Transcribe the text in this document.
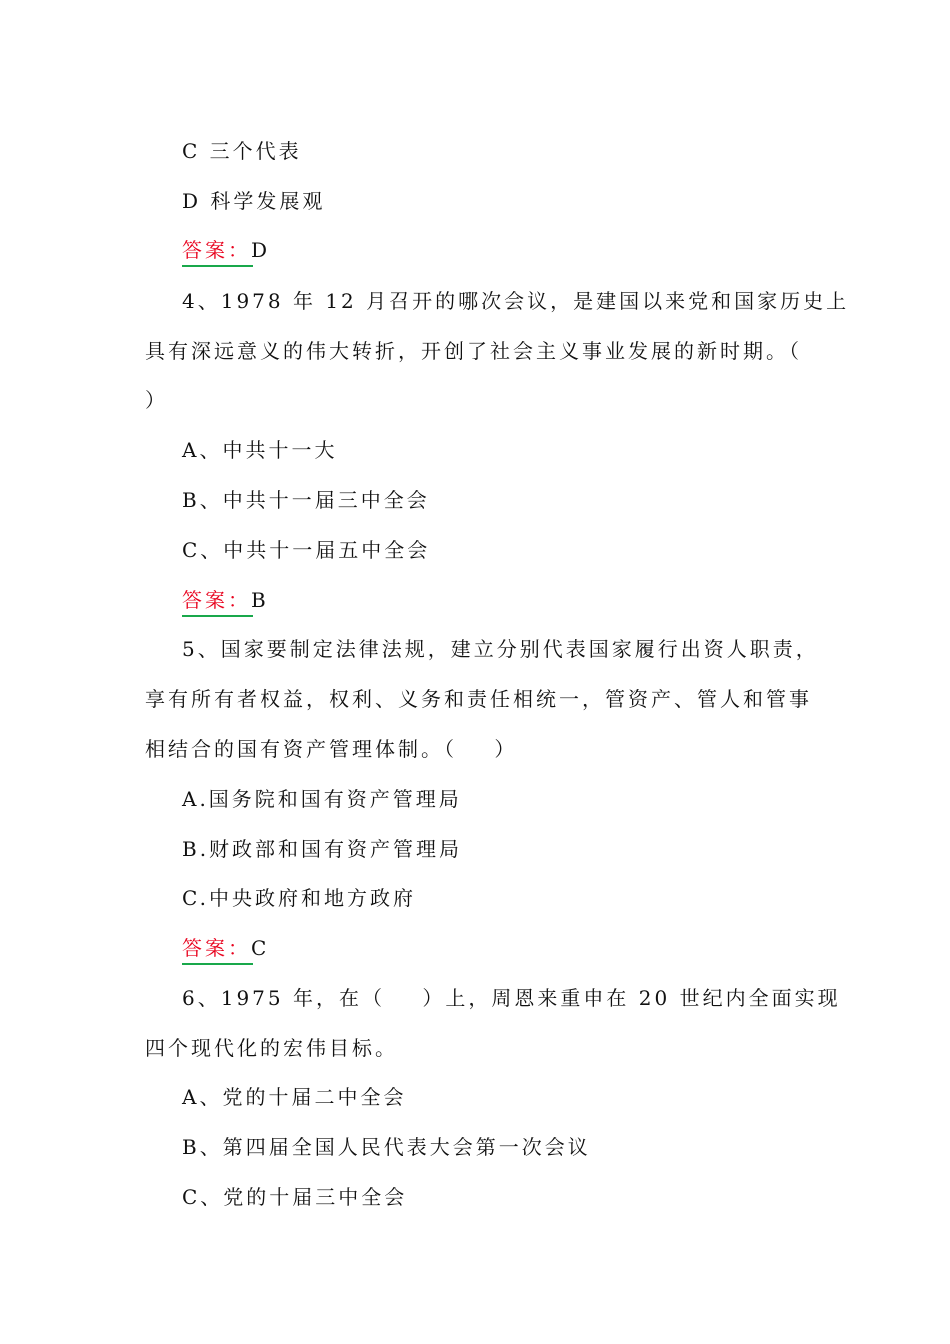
C 三个代表
D 科学发展观
答案：D
4、1978 年 12 月召开的哪次会议，是建国以来党和国家历史上
具有深远意义的伟大转折，开创了社会主义事业发展的新时期。（
）
A、中共十一大
B、中共十一届三中全会
C、中共十一届五中全会
答案：B
5、国家要制定法律法规，建立分别代表国家履行出资人职责，
享有所有者权益，权利、义务和责任相统一，管资产、管人和管事
相结合的国有资产管理体制。（    ）
A.国务院和国有资产管理局
B.财政部和国有资产管理局
C.中央政府和地方政府
答案：C
6、1975 年，在（    ）上，周恩来重申在 20 世纪内全面实现
四个现代化的宏伟目标。
A、党的十届二中全会
B、第四届全国人民代表大会第一次会议
C、党的十届三中全会
